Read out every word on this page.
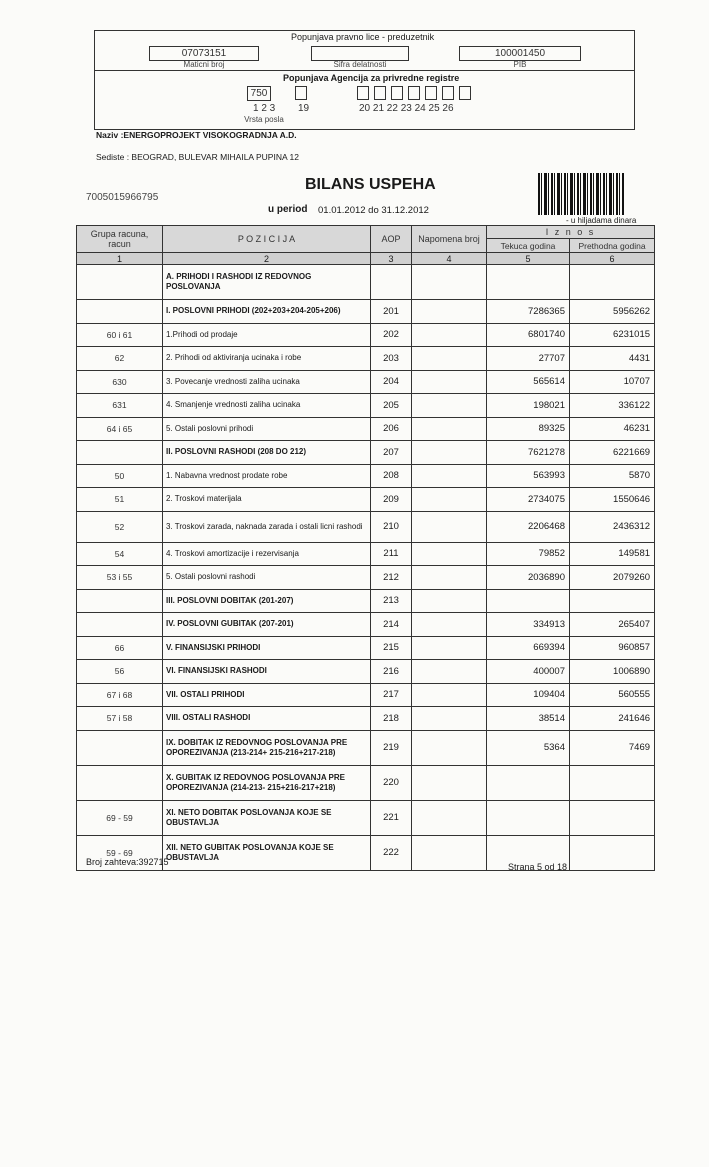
Popunjava pravno lice - preduzetnik
07073151
Maticni broj	Sifra delatnosti
100001450
PIB
Popunjava Agencija za privredne registre
750
1 2 3 19	20 21 22 23 24 25 26
Vrsta posla
Naziv :ENERGOPROJEKT VISOKOGRADNJA A.D.
Sediste : BEOGRAD, BULEVAR MIHAILA PUPINA 12
7005015966795
BILANS USPEHA
u period 01.01.2012 do 31.12.2012
- u hiljadama dinara
Grupa racuna, racun	P O Z I C I J A	AOP	Napomena broj	I z n o s	
				Tekuca godina	Prethodna godina
1	2	3	4	5	6
	A. PRIHODI I RASHODI IZ REDOVNOG POSLOVANJA				
	I. POSLOVNI PRIHODI (202+203+204-205+206)	201		7286365	5956262
60 i 61	1.Prihodi od prodaje	202		6801740	6231015
62	2. Prihodi od aktiviranja ucinaka i robe	203		27707	4431
630	3. Povecanje vrednosti zaliha ucinaka	204		565614	10707
631	4. Smanjenje vrednosti zaliha ucinaka	205		198021	336122
64 i 65	5. Ostali poslovni prihodi	206		89325	46231
	II. POSLOVNI RASHODI (208 DO 212)	207		7621278	6221669
50	1. Nabavna vrednost prodate robe	208		563993	5870
51	2. Troskovi materijala	209		2734075	1550646
52	3. Troskovi zarada, naknada zarada i ostali licni rashodi	210		2206468	2436312
54	4. Troskovi amortizacije i rezervisanja	211		79852	149581
53 i 55	5. Ostali poslovni rashodi	212		2036890	2079260
	III. POSLOVNI DOBITAK (201-207)	213			
	IV. POSLOVNI GUBITAK (207-201)	214		334913	265407
66	V. FINANSIJSKI PRIHODI	215		669394	960857
56	VI. FINANSIJSKI RASHODI	216		400007	1006890
67 i 68	VII. OSTALI PRIHODI	217		109404	560555
57 i 58	VIII. OSTALI RASHODI	218		38514	241646
	IX. DOBITAK IZ REDOVNOG POSLOVANJA PRE OPOREZIVANJA (213-214+ 215-216+217-218)	219		5364	7469
	X. GUBITAK IZ REDOVNOG POSLOVANJA PRE OPOREZIVANJA (214-213- 215+216-217+218)	220			
69 - 59	XI. NETO DOBITAK POSLOVANJA KOJE SE OBUSTAVLJA	221			
59 - 69	XII. NETO GUBITAK POSLOVANJA KOJE SE OBUSTAVLJA	222			
Broj zahteva:392715	Strana 5 od 18
